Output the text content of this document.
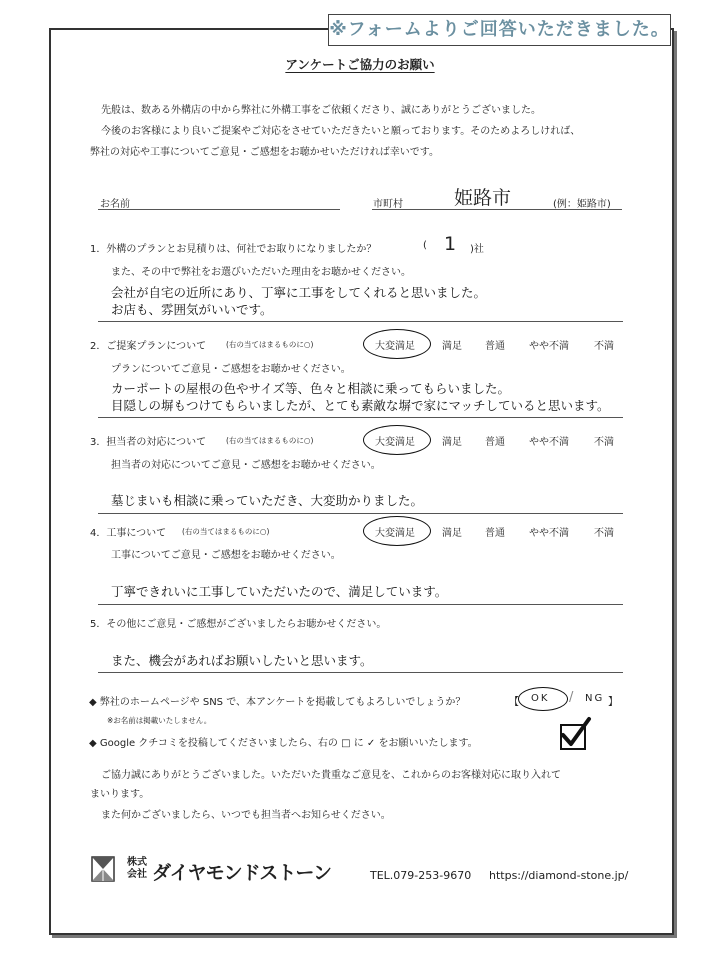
※フォームよりご回答いただきました。
アンケートご協力のお願い
先般は、数ある外構店の中から弊社に外構工事をご依頼くださり、誠にありがとうございました。
今後のお客様により良いご提案やご対応をさせていただきたいと願っております。そのためよろしければ、
弊社の対応や工事についてご意見・ご感想をお聴かせいただければ幸いです。
お名前	市町村	姫路市	(例：姫路市)
1．外構のプランとお見積りは、何社でお取りになりましたか？	( 1 )社
また、その中で弊社をお選びいただいた理由をお聴かせください。
会社が自宅の近所にあり、丁寧に工事をしてくれると思いました。
お店も、雰囲気がいいです。
2．ご提案プランについて	(右の当てはまるものに○)	大変満足	満足 普通 やや不満	不満
プランについてご意見・ご感想をお聴かせください。
カーポートの屋根の色やサイズ等、色々と相談に乗ってもらいました。
目隠しの塀もつけてもらいましたが、とても素敵な塀で家にマッチしていると思います。
3．担当者の対応について	(右の当てはまるものに○)	大変満足	満足 普通 やや不満	不満
担当者の対応についてご意見・ご感想をお聴かせください。
墓じまいも相談に乗っていただき、大変助かりました。
4．工事について (右の当てはまるものに○)	大変満足	満足 普通 やや不満	不満
工事についてご意見・ご感想をお聴かせください。
丁寧できれいに工事していただいたので、満足しています。
5．その他にご意見・ご感想がございましたらお聴かせください。
また、機会があればお願いしたいと思います。
◆ 弊社のホームページや SNS で、本アンケートを掲載してもよろしいでしょうか？	【 OK / NG 】
※お名前は掲載いたしません。
◆ Google クチコミを投稿してくださいましたら、右の □ に ✓ をお願いいたします。
ご協力誠にありがとうございました。いただいた貴重なご意見を、これからのお客様対応に取り入れて
まいります。
また何かございましたら、いつでも担当者へお知らせください。
株式
会社 ダイヤモンドストーン	TEL.079-253-9670 https://diamond-stone.jp/
